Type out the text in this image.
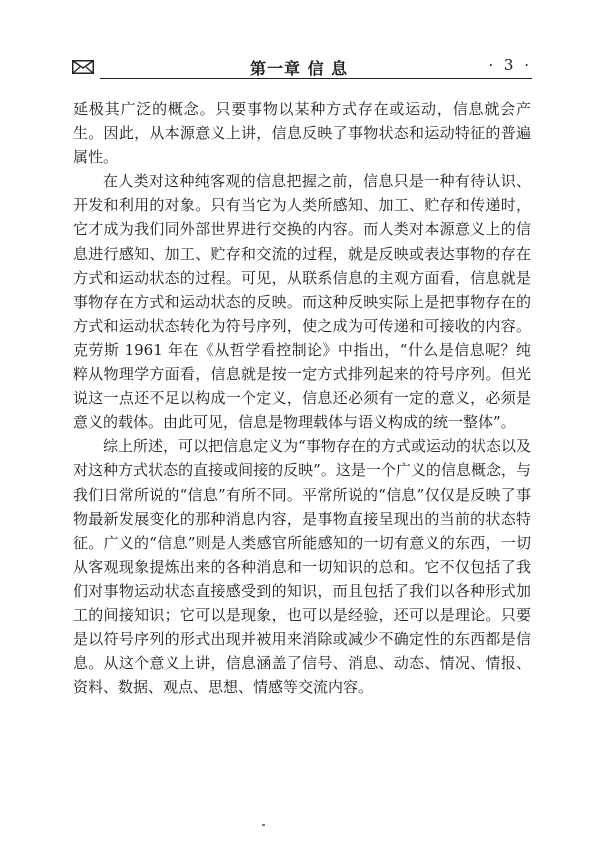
第一章 信 息	· 3 ·

延极其广泛的概念。只要事物以某种方式存在或运动，信息就会产生。因此，从本源意义上讲，信息反映了事物状态和运动特征的普遍属性。

在人类对这种纯客观的信息把握之前，信息只是一种有待认识、开发和利用的对象。只有当它为人类所感知、加工、贮存和传递时，它才成为我们同外部世界进行交换的内容。而人类对本源意义上的信息进行感知、加工、贮存和交流的过程，就是反映或表达事物的存在方式和运动状态的过程。可见，从联系信息的主观方面看，信息就是事物存在方式和运动状态的反映。而这种反映实际上是把事物存在的方式和运动状态转化为符号序列，使之成为可传递和可接收的内容。克劳斯 1961 年在《从哲学看控制论》中指出，“什么是信息呢？纯粹从物理学方面看，信息就是按一定方式排列起来的符号序列。但光说这一点还不足以构成一个定义，信息还必须有一定的意义，必须是意义的载体。由此可见，信息是物理载体与语义构成的统一整体”。

综上所述，可以把信息定义为“事物存在的方式或运动的状态以及对这种方式状态的直接或间接的反映”。这是一个广义的信息概念，与我们日常所说的“信息”有所不同。平常所说的“信息”仅仅是反映了事物最新发展变化的那种消息内容，是事物直接呈现出的当前的状态特征。广义的“信息”则是人类感官所能感知的一切有意义的东西，一切从客观现象提炼出来的各种消息和一切知识的总和。它不仅包括了我们对事物运动状态直接感受到的知识，而且包括了我们以各种形式加工的间接知识；它可以是现象，也可以是经验，还可以是理论。只要是以符号序列的形式出现并被用来消除或减少不确定性的东西都是信息。从这个意义上讲，信息涵盖了信号、消息、动态、情况、情报、资料、数据、观点、思想、情感等交流内容。
